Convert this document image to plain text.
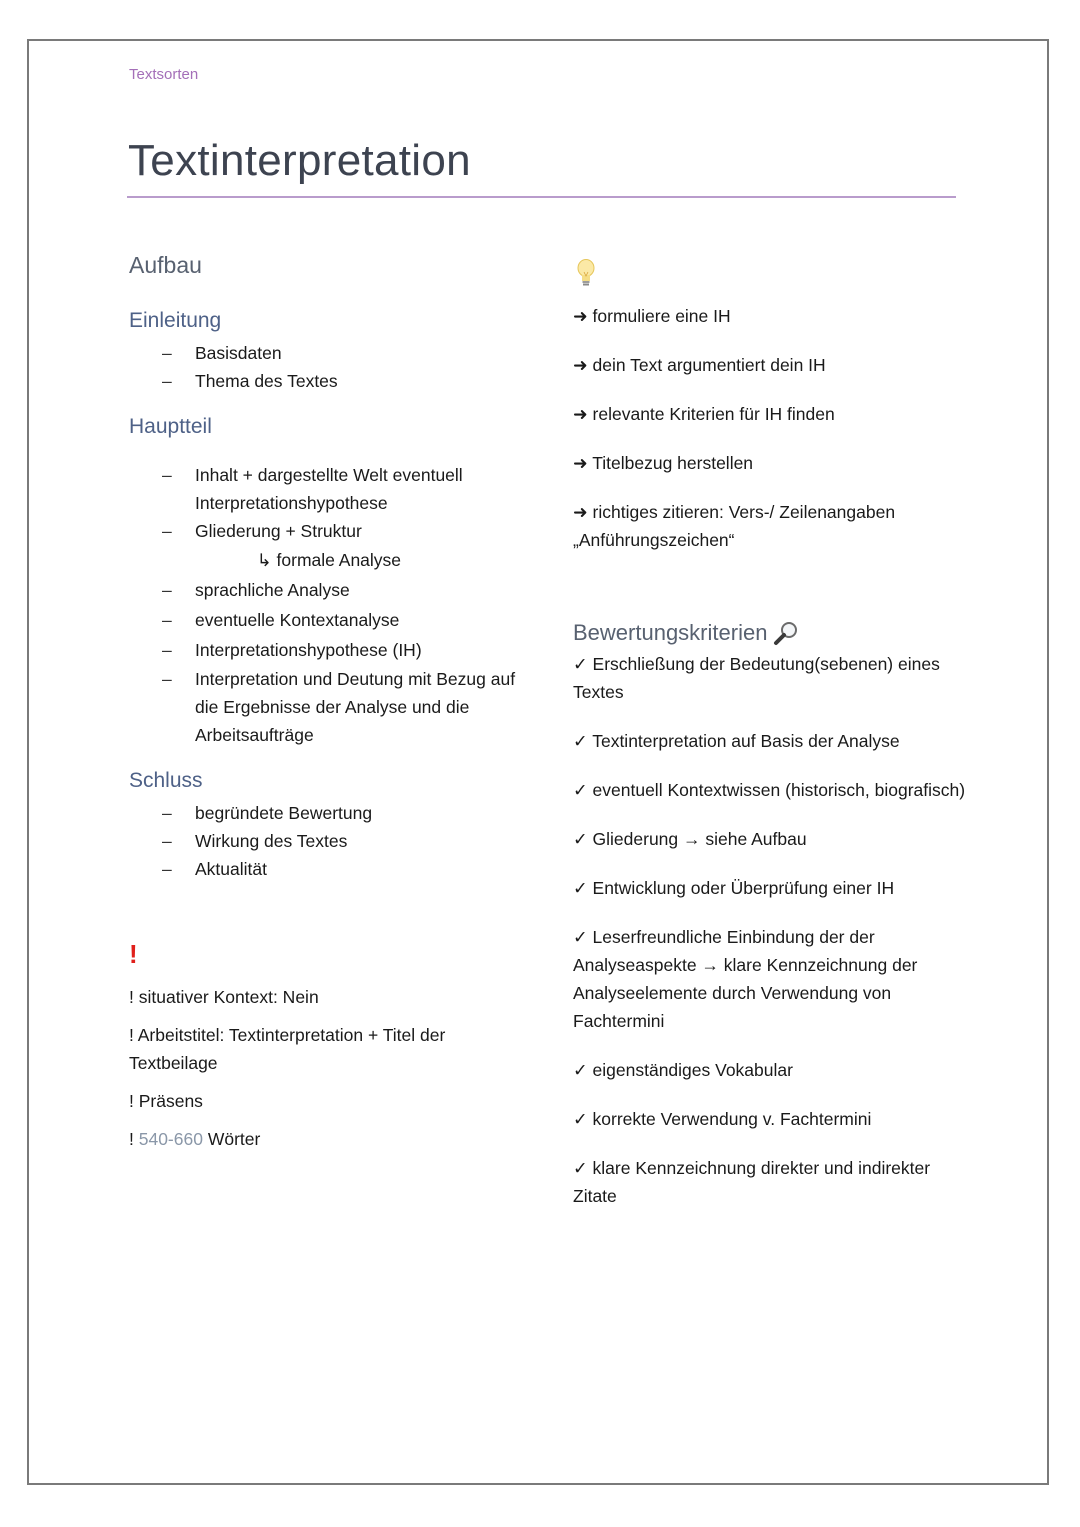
Textsorten
Textinterpretation
Aufbau
Einleitung
– Basisdaten
– Thema des Textes
Hauptteil
– Inhalt + dargestellte Welt eventuell Interpretationshypothese
– Gliederung + Struktur
↳ formale Analyse
– sprachliche Analyse
– eventuelle Kontextanalyse
– Interpretationshypothese (IH)
– Interpretation und Deutung mit Bezug auf die Ergebnisse der Analyse und die Arbeitsaufträge
Schluss
– begründete Bewertung
– Wirkung des Textes
– Aktualität
!
! situativer Kontext: Nein
! Arbeitstitel: Textinterpretation + Titel der Textbeilage
! Präsens
! 540-660 Wörter
➜ formuliere eine IH
➜ dein Text argumentiert dein IH
➜ relevante Kriterien für IH finden
➜ Titelbezug herstellen
➜ richtiges zitieren: Vers-/ Zeilenangaben „Anführungszeichen“
Bewertungskriterien
✓ Erschließung der Bedeutung(sebenen) eines Textes
✓ Textinterpretation auf Basis der Analyse
✓ eventuell Kontextwissen (historisch, biografisch)
✓ Gliederung → siehe Aufbau
✓ Entwicklung oder Überprüfung einer IH
✓ Leserfreundliche Einbindung der der Analyseaspekte → klare Kennzeichnung der Analyseelemente durch Verwendung von Fachtermini
✓ eigenständiges Vokabular
✓ korrekte Verwendung v. Fachtermini
✓ klare Kennzeichnung direkter und indirekter Zitate
